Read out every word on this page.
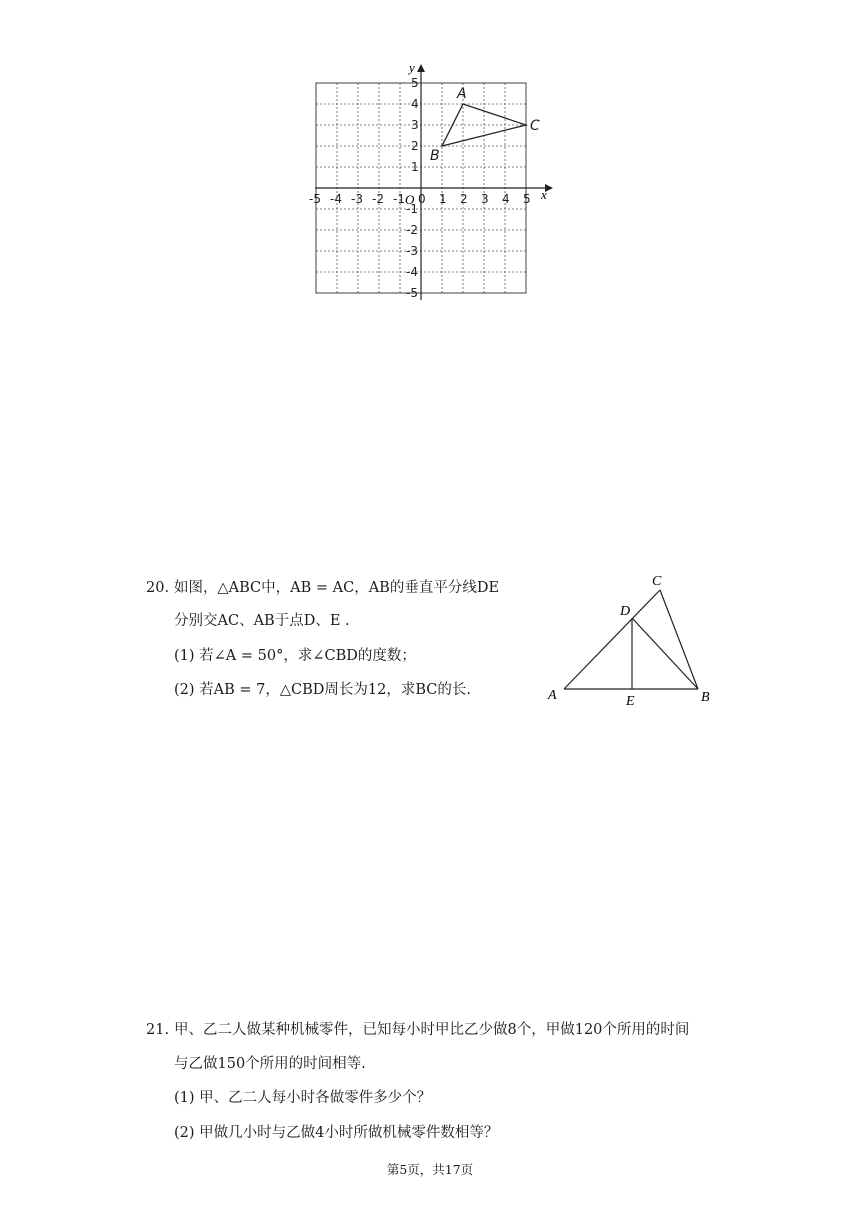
x
y
O
-5 -4 -3 -2 -1 0 1 2 3 4 5
5
4
3
2
1
-1
-2
-3
-4
-5
A
B
C
20. 如图，△ABC中，AB = AC，AB的垂直平分线DE
分别交AC、AB于点D、E .
(1) 若∠A = 50°，求∠CBD的度数；
(2) 若AB = 7，△CBD周长为12，求BC的长.
C
D
A	E	B
21. 甲、乙二人做某种机械零件，已知每小时甲比乙少做8个，甲做120个所用的时间
与乙做150个所用的时间相等.
(1) 甲、乙二人每小时各做零件多少个？
(2) 甲做几小时与乙做4小时所做机械零件数相等？
第5页，共17页
